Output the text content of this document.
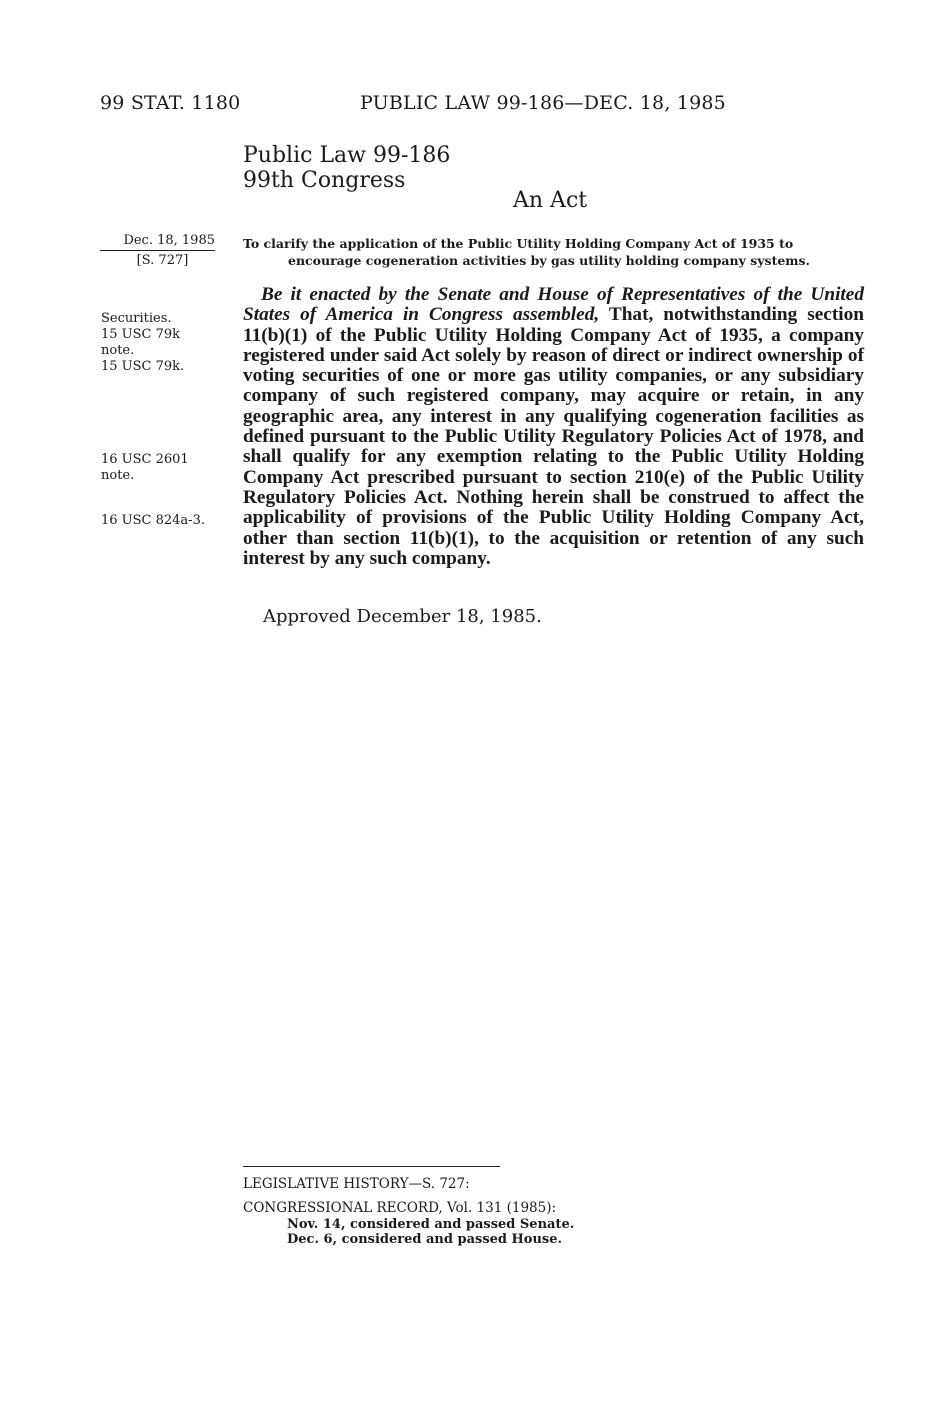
99 STAT. 1180	PUBLIC LAW 99-186—DEC. 18, 1985
Public Law 99-186
99th Congress
An Act
Dec. 18, 1985
[S. 727]
To clarify the application of the Public Utility Holding Company Act of 1935 to
encourage cogeneration activities by gas utility holding company systems.
Securities.
15 USC 79k
note.
15 USC 79k.
16 USC 2601
note.
16 USC 824a-3.
Be it enacted by the Senate and House of Representatives of the United States of America in Congress assembled, That, notwithstanding section 11(b)(1) of the Public Utility Holding Company Act of 1935, a company registered under said Act solely by reason of direct or indirect ownership of voting securities of one or more gas utility companies, or any subsidiary company of such registered company, may acquire or retain, in any geographic area, any interest in any qualifying cogeneration facilities as defined pursuant to the Public Utility Regulatory Policies Act of 1978, and shall qualify for any exemption relating to the Public Utility Holding Company Act prescribed pursuant to section 210(e) of the Public Utility Regulatory Policies Act. Nothing herein shall be construed to affect the applicability of provisions of the Public Utility Holding Company Act, other than section 11(b)(1), to the acquisition or retention of any such interest by any such company.
Approved December 18, 1985.
LEGISLATIVE HISTORY—S. 727:
CONGRESSIONAL RECORD, Vol. 131 (1985):
Nov. 14, considered and passed Senate.
Dec. 6, considered and passed House.
